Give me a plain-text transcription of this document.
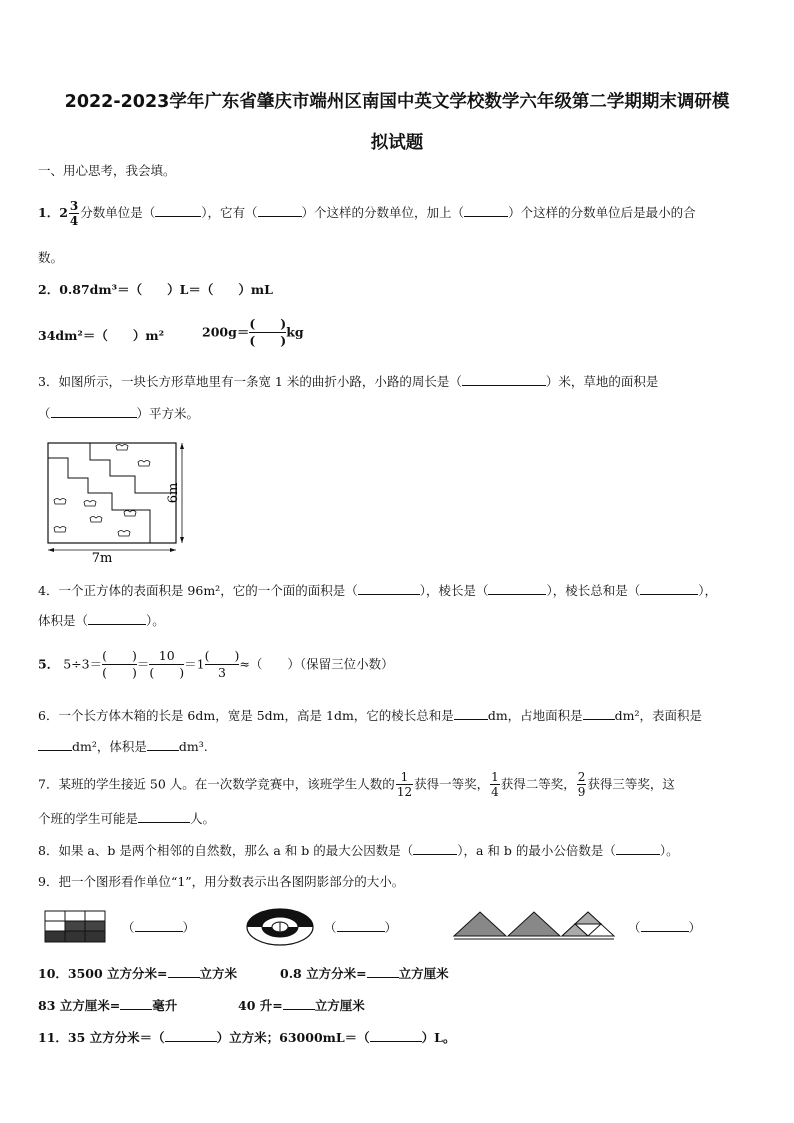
2022-2023学年广东省肇庆市端州区南国中英文学校数学六年级第二学期期末调研模
拟试题
一、用心思考，我会填。
1．$2 \frac{3}{4}$ 分数单位是（	），它有（	）个这样的分数单位，加上（	）个这样的分数单位后是最小的合
数。
2．0.87dm³＝（　　）L＝（　　）mL
34dm²＝（　　）m²	$200g= \frac{( )}{( )}$ kg
3．如图所示，一块长方形草地里有一条宽 1 米的曲折小路，小路的周长是（	）米，草地的面积是
（	）平方米。
7m
6m
4．一个正方体的表面积是 96m²，它的一个面的面积是（	），棱长是（	），棱长总和是（	），
体积是（	）。
5． $5\div 3= \frac{( )}{( )} = \frac{10}{( )} =1 \frac{( )}{3}$ ≈（　　）（保留三位小数）
6．一个长方体木箱的长是 6dm，宽是 5dm，高是 1dm，它的棱长总和是	dm，占地面积是	dm²，表面积是
dm²，体积是	dm³.
7．某班的学生接近 50 人。在一次数学竞赛中，该班学生人数的 $\frac{1}{12}$ 获得一等奖， $\frac{1}{4}$ 获得二等奖， $\frac{2}{9}$ 获得三等奖，这
个班的学生可能是	人。
8．如果 a、b 是两个相邻的自然数，那么 a 和 b 的最大公因数是（	），a 和 b 的最小公倍数是（	）。
9．把一个图形看作单位“1”，用分数表示出各图阴影部分的大小。
（	）	（	）	（	）
10．3500 立方分米=	立方米	0.8 立方分米=	立方厘米
83 立方厘米=	毫升	40 升=	立方厘米
11．35 立方分米＝（	）立方米；63000mL＝（	）L。
